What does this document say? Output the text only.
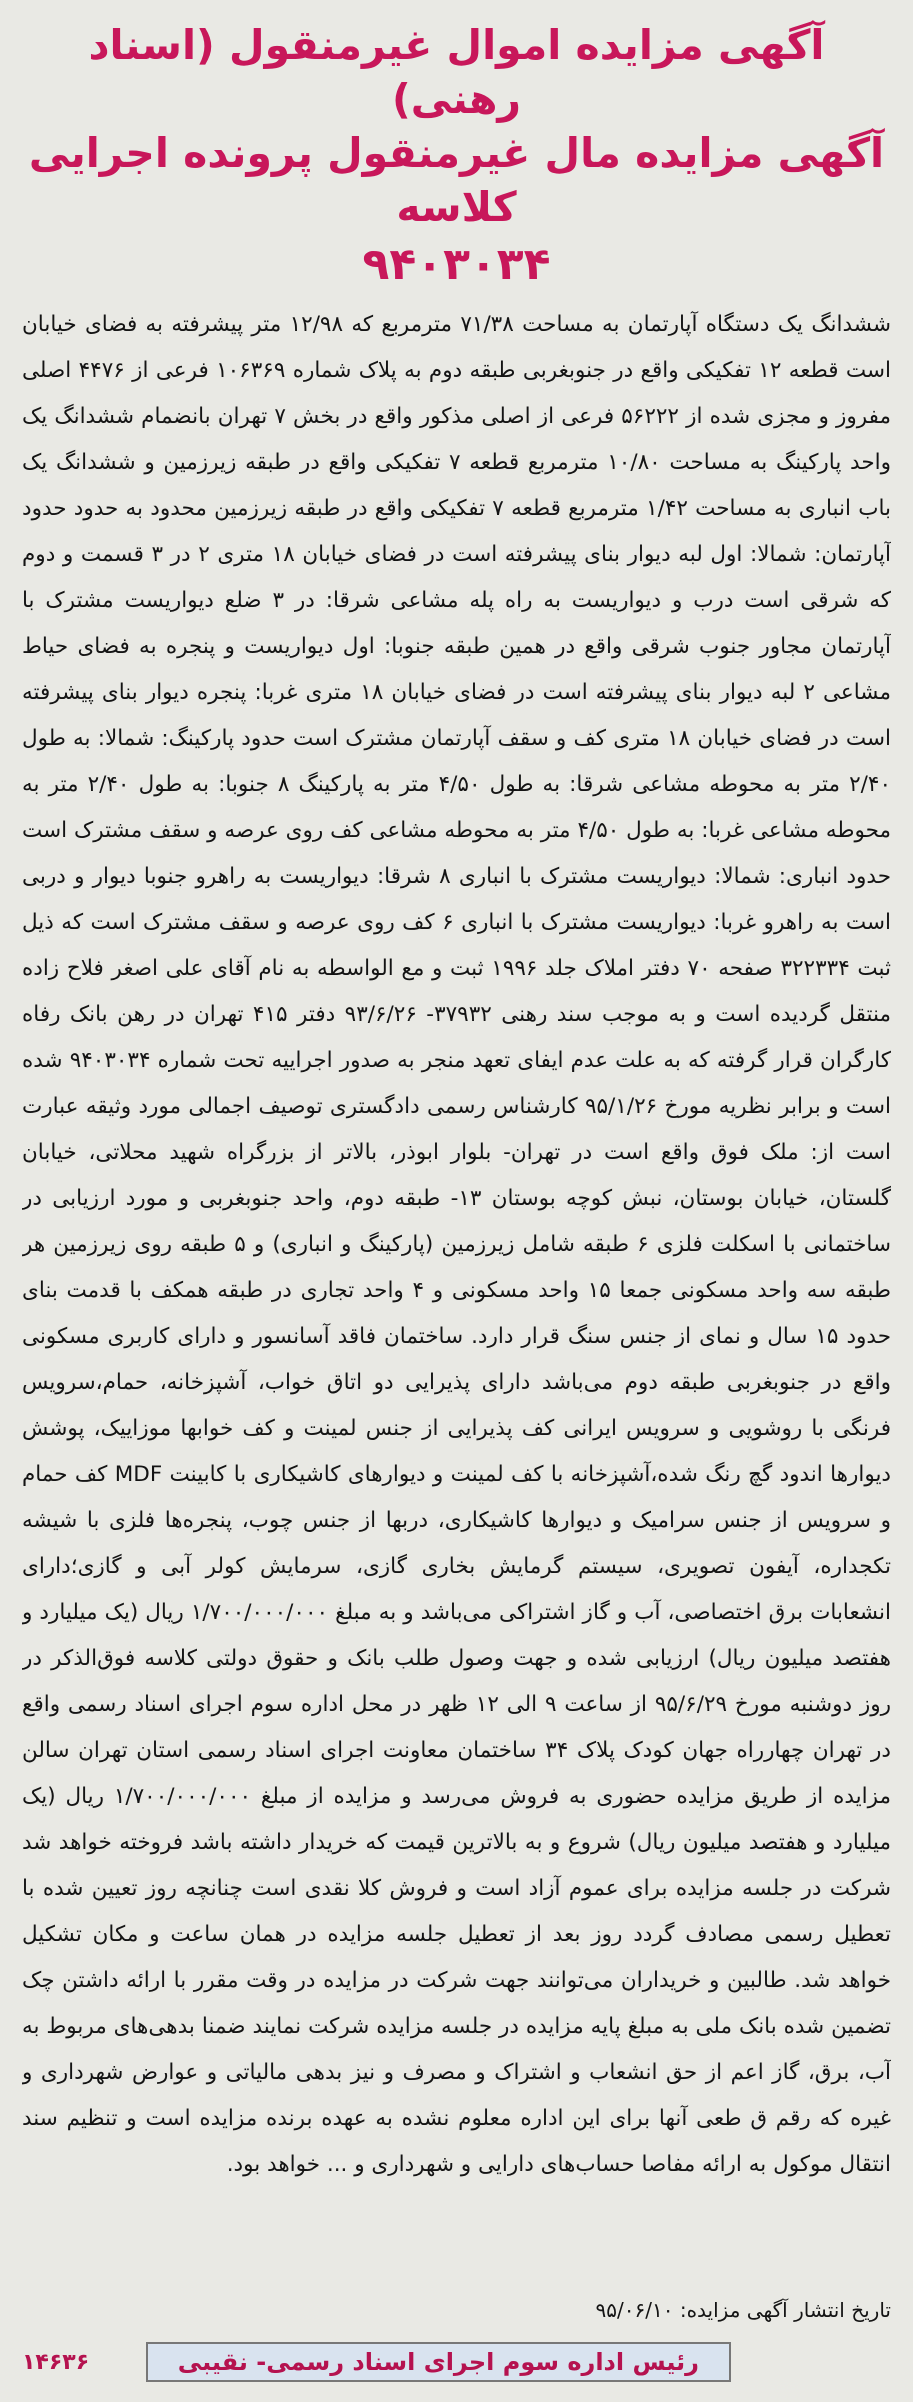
آگهی مزایده اموال غیرمنقول (اسناد رهنی)
آگهی مزایده مال غیرمنقول پرونده اجرایی کلاسه
۹۴۰۳۰۳۴

ششدانگ یک دستگاه آپارتمان به مساحت ۷۱/۳۸ مترمربع که ۱۲/۹۸ متر پیشرفته به فضای خیابان است قطعه ۱۲ تفکیکی واقع در جنوبغربی طبقه دوم به پلاک شماره ۱۰۶۳۶۹ فرعی از ۴۴۷۶ اصلی مفروز و مجزی شده از ۵۶۲۲۲ فرعی از اصلی مذکور واقع در بخش ۷ تهران بانضمام ششدانگ یک واحد پارکینگ به مساحت ۱۰/۸۰ مترمربع قطعه ۷ تفکیکی واقع در طبقه زیرزمین و ششدانگ یک باب انباری به مساحت ۱/۴۲ مترمربع قطعه ۷ تفکیکی واقع در طبقه زیرزمین محدود به حدود حدود آپارتمان: شمالا: اول لبه دیوار بنای پیشرفته است در فضای خیابان ۱۸ متری ۲ در ۳ قسمت و دوم که شرقی است درب و دیواریست به راه پله مشاعی شرقا: در ۳ ضلع دیواریست مشترک با آپارتمان مجاور جنوب شرقی واقع در همین طبقه جنوبا: اول دیواریست و پنجره به فضای حیاط مشاعی ۲ لبه دیوار بنای پیشرفته است در فضای خیابان ۱۸ متری غربا: پنجره دیوار بنای پیشرفته است در فضای خیابان ۱۸ متری کف و سقف آپارتمان مشترک است حدود پارکینگ: شمالا: به طول ۲/۴۰ متر به محوطه مشاعی شرقا: به طول ۴/۵۰ متر به پارکینگ ۸ جنوبا: به طول ۲/۴۰ متر به محوطه مشاعی غربا: به طول ۴/۵۰ متر به محوطه مشاعی کف روی عرصه و سقف مشترک است حدود انباری: شمالا: دیواریست مشترک با انباری ۸ شرقا: دیواریست به راهرو جنوبا دیوار و دربی است به راهرو غربا: دیواریست مشترک با انباری ۶ کف روی عرصه و سقف مشترک است که ذیل ثبت ۳۲۲۳۳۴ صفحه ۷۰ دفتر املاک جلد ۱۹۹۶ ثبت و مع الواسطه به نام آقای علی اصغر فلاح زاده منتقل گردیده است و به موجب سند رهنی ۳۷۹۳۲- ۹۳/۶/۲۶ دفتر ۴۱۵ تهران در رهن بانک رفاه کارگران قرار گرفته که به علت عدم ایفای تعهد منجر به صدور اجراییه تحت شماره ۹۴۰۳۰۳۴ شده است و برابر نظریه مورخ ۹۵/۱/۲۶ کارشناس رسمی دادگستری توصیف اجمالی مورد وثیقه عبارت است از: ملک فوق واقع است در تهران- بلوار ابوذر، بالاتر از بزرگراه شهید محلاتی، خیابان گلستان، خیابان بوستان، نبش کوچه بوستان ۱۳- طبقه دوم، واحد جنوبغربی و مورد ارزیابی در ساختمانی با اسکلت فلزی ۶ طبقه شامل زیرزمین (پارکینگ و انباری) و ۵ طبقه روی زیرزمین هر طبقه سه واحد مسکونی جمعا ۱۵ واحد مسکونی و ۴ واحد تجاری در طبقه همکف با قدمت بنای حدود ۱۵ سال و نمای از جنس سنگ قرار دارد. ساختمان فاقد آسانسور و دارای کاربری مسکونی واقع در جنوبغربی طبقه دوم می‌باشد دارای پذیرایی دو اتاق خواب، آشپزخانه، حمام،سرویس فرنگی با روشویی و سرویس ایرانی کف پذیرایی از جنس لمینت و کف خوابها موزاییک، پوشش دیوارها اندود گچ رنگ شده،آشپزخانه با کف لمینت و دیوارهای کاشیکاری با کابینت MDF کف حمام و سرویس از جنس سرامیک و دیوارها کاشیکاری، دربها از جنس چوب، پنجره‌ها فلزی با شیشه تکجداره، آیفون تصویری، سیستم گرمایش بخاری گازی، سرمایش کولر آبی و گازی؛دارای انشعابات برق اختصاصی، آب و گاز اشتراکی می‌باشد و به مبلغ ۱/۷۰۰/۰۰۰/۰۰۰ ریال (یک میلیارد و هفتصد میلیون ریال) ارزیابی شده و جهت وصول طلب بانک و حقوق دولتی کلاسه فوق‌الذکر در روز دوشنبه مورخ ۹۵/۶/۲۹ از ساعت ۹ الی ۱۲ ظهر در محل اداره سوم اجرای اسناد رسمی واقع در تهران چهارراه جهان کودک پلاک ۳۴ ساختمان معاونت اجرای اسناد رسمی استان تهران سالن مزایده از طریق مزایده حضوری به فروش می‌رسد و مزایده از مبلغ ۱/۷۰۰/۰۰۰/۰۰۰ ریال (یک میلیارد و هفتصد میلیون ریال) شروع و به بالاترین قیمت که خریدار داشته باشد فروخته خواهد شد شرکت در جلسه مزایده برای عموم آزاد است و فروش کلا نقدی است چنانچه روز تعیین شده با تعطیل رسمی مصادف گردد روز بعد از تعطیل جلسه مزایده در همان ساعت و مکان تشکیل خواهد شد. طالبین و خریداران می‌توانند جهت شرکت در مزایده در وقت مقرر با ارائه داشتن چک تضمین شده بانک ملی به مبلغ پایه مزایده در جلسه مزایده شرکت نمایند ضمنا بدهی‌های مربوط به آب، برق، گاز اعم از حق انشعاب و اشتراک و مصرف و نیز بدهی مالیاتی و عوارض شهرداری و غیره که رقم ق طعی آنها برای این اداره معلوم نشده به عهده برنده مزایده است و تنظیم سند انتقال موکول به ارائه مفاصا حساب‌های دارایی و شهرداری و ... خواهد بود.

تاریخ انتشار آگهی مزایده: ۹۵/۰۶/۱۰
رئیس اداره سوم اجرای اسناد رسمی- نقیبی
۱۴۶۳۶
